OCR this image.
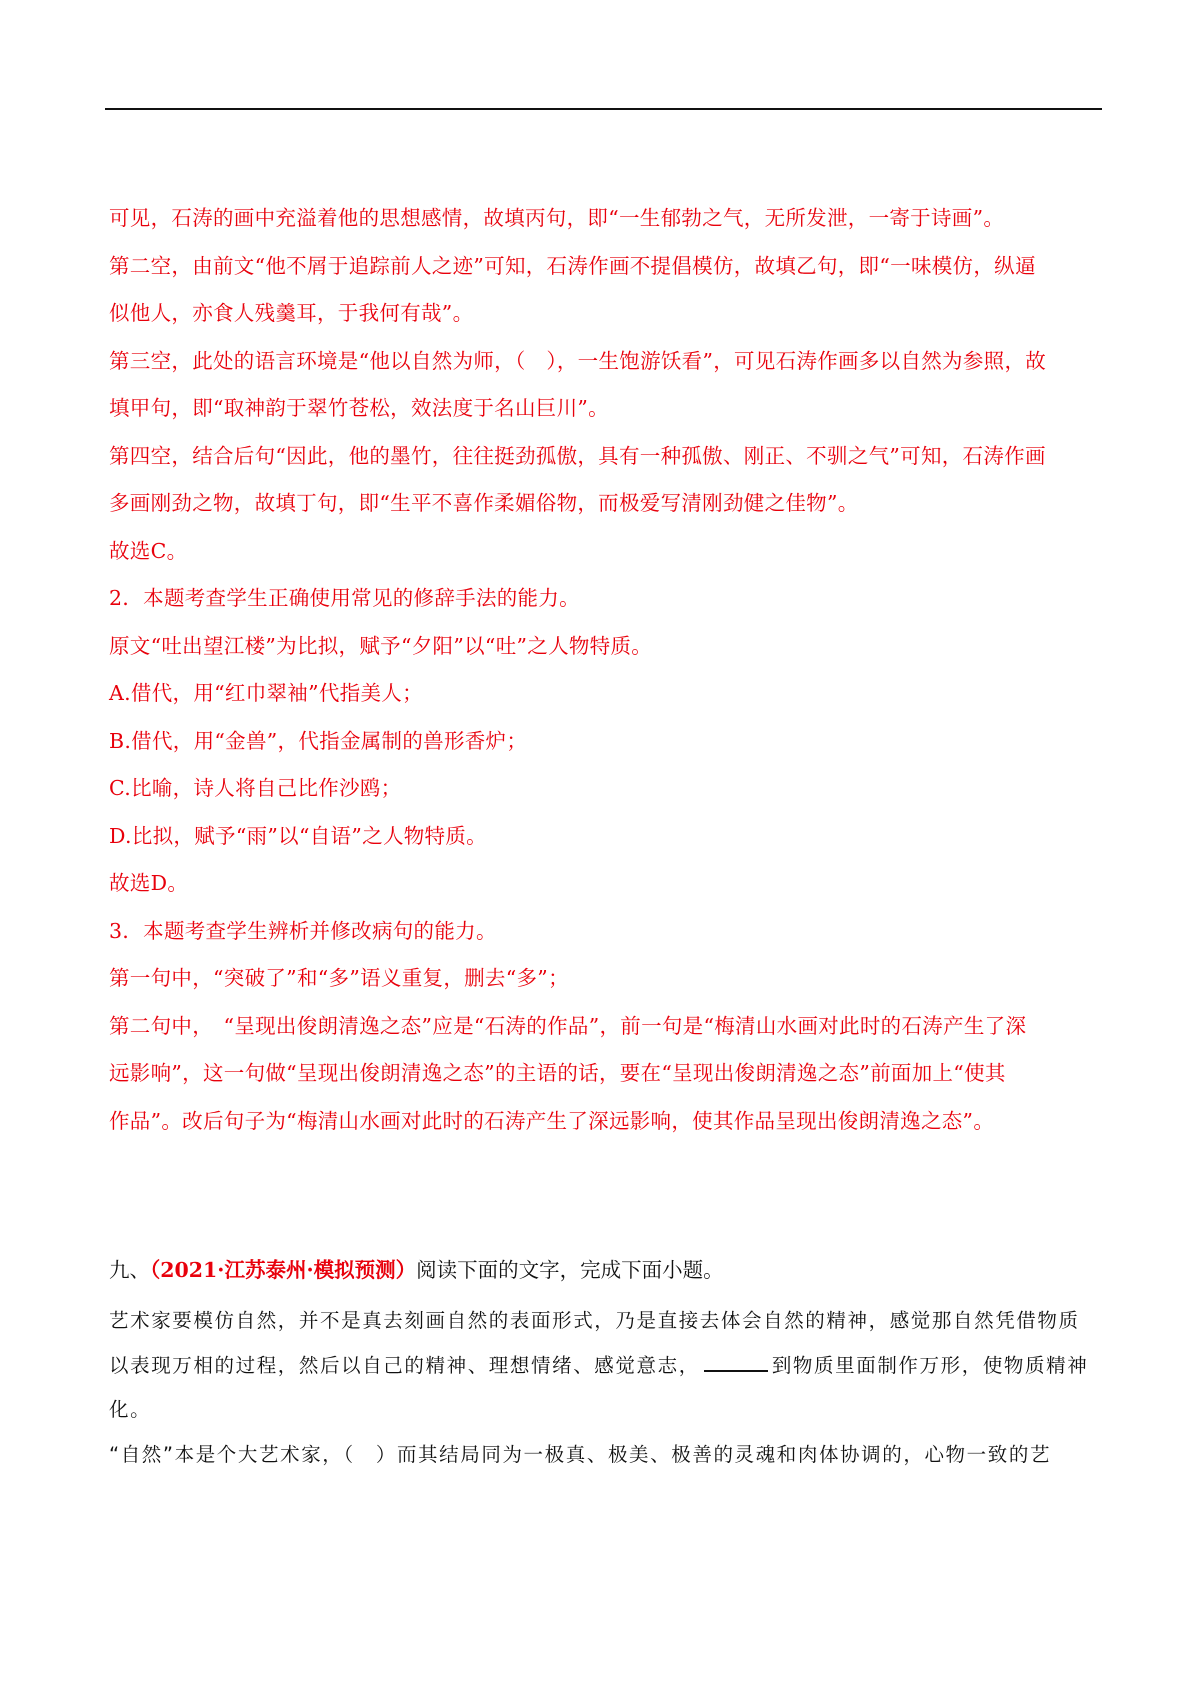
可见，石涛的画中充溢着他的思想感情，故填丙句，即“一生郁勃之气，无所发泄，一寄于诗画”。

第二空，由前文“他不屑于追踪前人之迹”可知，石涛作画不提倡模仿，故填乙句，即“一味模仿，纵逼

似他人，亦食人残羹耳，于我何有哉”。

第三空，此处的语言环境是“他以自然为师，（　），一生饱游饫看”，可见石涛作画多以自然为参照，故

填甲句，即“取神韵于翠竹苍松，效法度于名山巨川”。

第四空，结合后句“因此，他的墨竹，往往挺劲孤傲，具有一种孤傲、刚正、不驯之气”可知，石涛作画

多画刚劲之物，故填丁句，即“生平不喜作柔媚俗物，而极爱写清刚劲健之佳物”。

故选C。

2．本题考查学生正确使用常见的修辞手法的能力。

原文“吐出望江楼”为比拟，赋予“夕阳”以“吐”之人物特质。

A.借代，用“红巾翠袖”代指美人；

B.借代，用“金兽”，代指金属制的兽形香炉；

C.比喻，诗人将自己比作沙鸥；

D.比拟，赋予“雨”以“自语”之人物特质。

故选D。

3．本题考查学生辨析并修改病句的能力。

第一句中，“突破了”和“多”语义重复，删去“多”；

第二句中，　“呈现出俊朗清逸之态”应是“石涛的作品”，前一句是“梅清山水画对此时的石涛产生了深

远影响”，这一句做“呈现出俊朗清逸之态”的主语的话，要在“呈现出俊朗清逸之态”前面加上“使其

作品”。改后句子为“梅清山水画对此时的石涛产生了深远影响，使其作品呈现出俊朗清逸之态”。

九、（2021·江苏泰州·模拟预测）阅读下面的文字，完成下面小题。

艺术家要模仿自然，并不是真去刻画自然的表面形式，乃是直接去体会自然的精神，感觉那自然凭借物质

以表现万相的过程，然后以自己的精神、理想情绪、感觉意志，	到物质里面制作万形，使物质精神

化。

“自然”本是个大艺术家，（　）而其结局同为一极真、极美、极善的灵魂和肉体协调的，心物一致的艺
